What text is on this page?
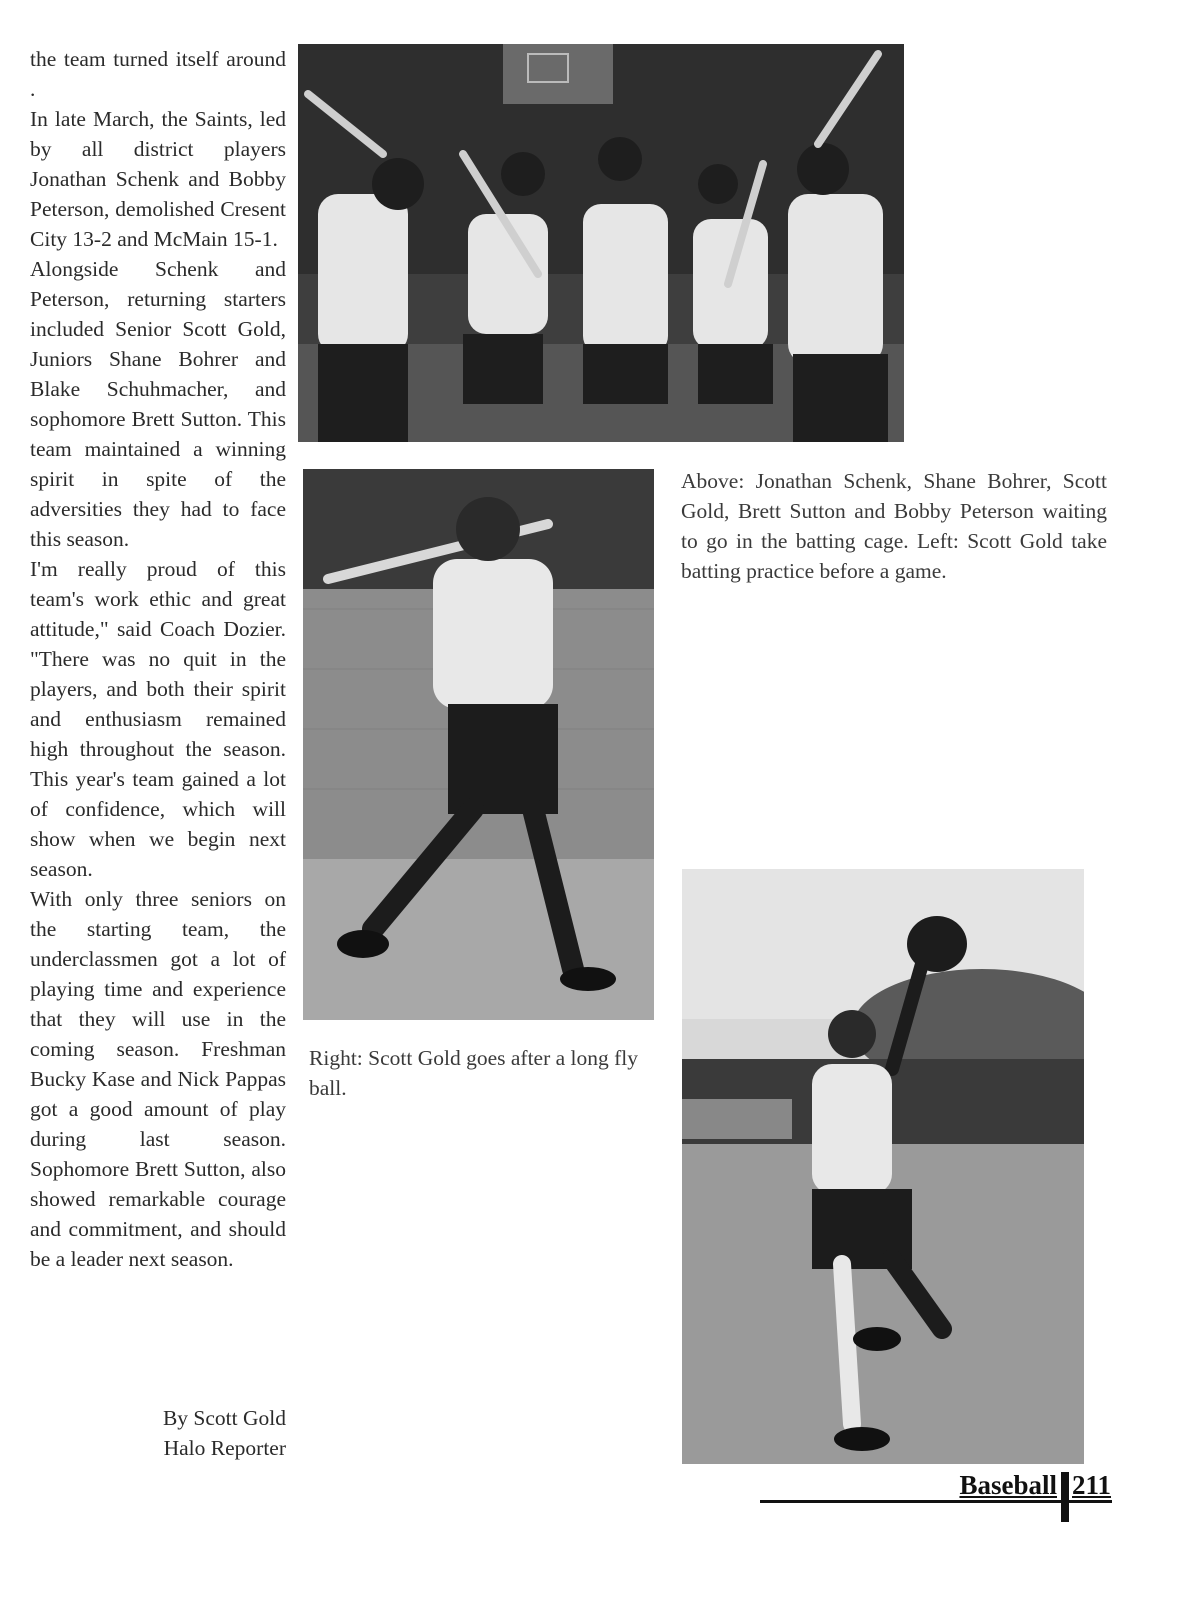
the team turned itself around .

In late March, the Saints, led by all district players Jonathan Schenk and Bobby Peterson, demolished Cresent City 13-2 and McMain 15-1.

Alongside Schenk and Peterson, returning starters included Senior Scott Gold, Juniors Shane Bohrer and Blake Schuhmacher, and sophomore Brett Sutton. This team maintained a winning spirit in spite of the adversities they had to face this season.

I'm really proud of this team's work ethic and great attitude," said Coach Dozier. "There was no quit in the players, and both their spirit and enthusiasm remained high throughout the season. This year's team gained a lot of confidence, which will show when we begin next season.

With only three seniors on the starting team, the underclassmen got a lot of playing time and experience that they will use in the coming season. Freshman Bucky Kase and Nick Pappas got a good amount of play during last season. Sophomore Brett Sutton, also showed remarkable courage and commitment, and should be a leader next season.

By Scott Gold
Halo Reporter
Above: Jonathan Schenk, Shane Bohrer, Scott Gold, Brett Sutton and Bobby Peterson waiting to go in the batting cage. Left: Scott Gold take batting practice before a game.
Right: Scott Gold goes after a long fly ball.
Baseball 211
